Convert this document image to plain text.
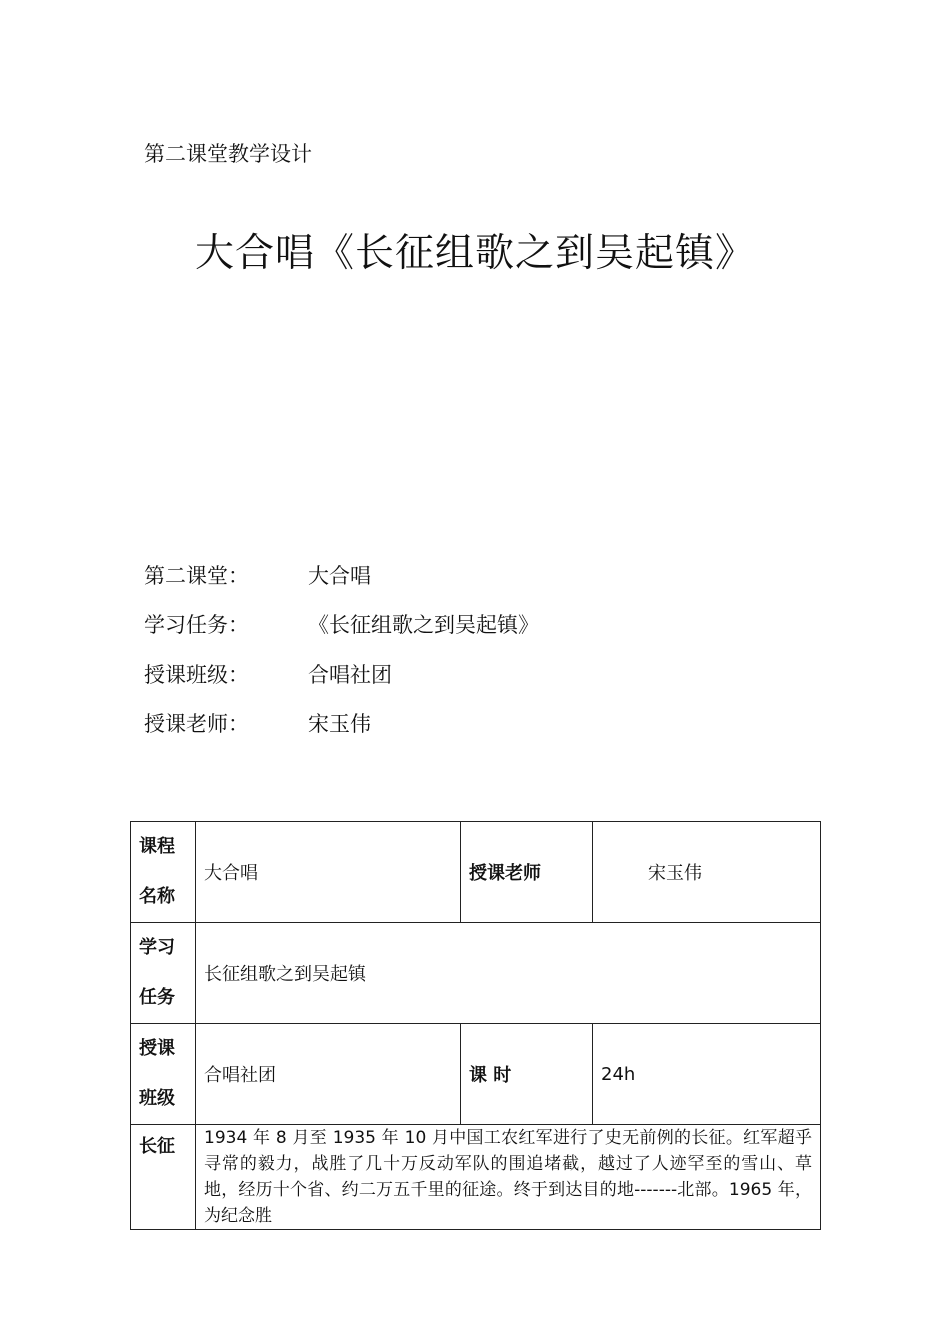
第二课堂教学设计
大合唱《长征组歌之到吴起镇》
第二课堂：	大合唱
学习任务：	《长征组歌之到吴起镇》
授课班级：	合唱社团
授课老师：	宋玉伟
课程
名称	大合唱	授课老师	宋玉伟

学习
任务	长征组歌之到吴起镇		

授课
班级	合唱社团	课 时	24h
长征	1934 年 8 月至 1935 年 10 月中国工农红军进行了史无前例的长征。红军超乎寻常的毅力，战胜了几十万反动军队的围追堵截，越过了人迹罕至的雪山、草地，经历十个省、约二万五千里的征途。终于到达目的地-------北部。1965 年，为纪念胜		
